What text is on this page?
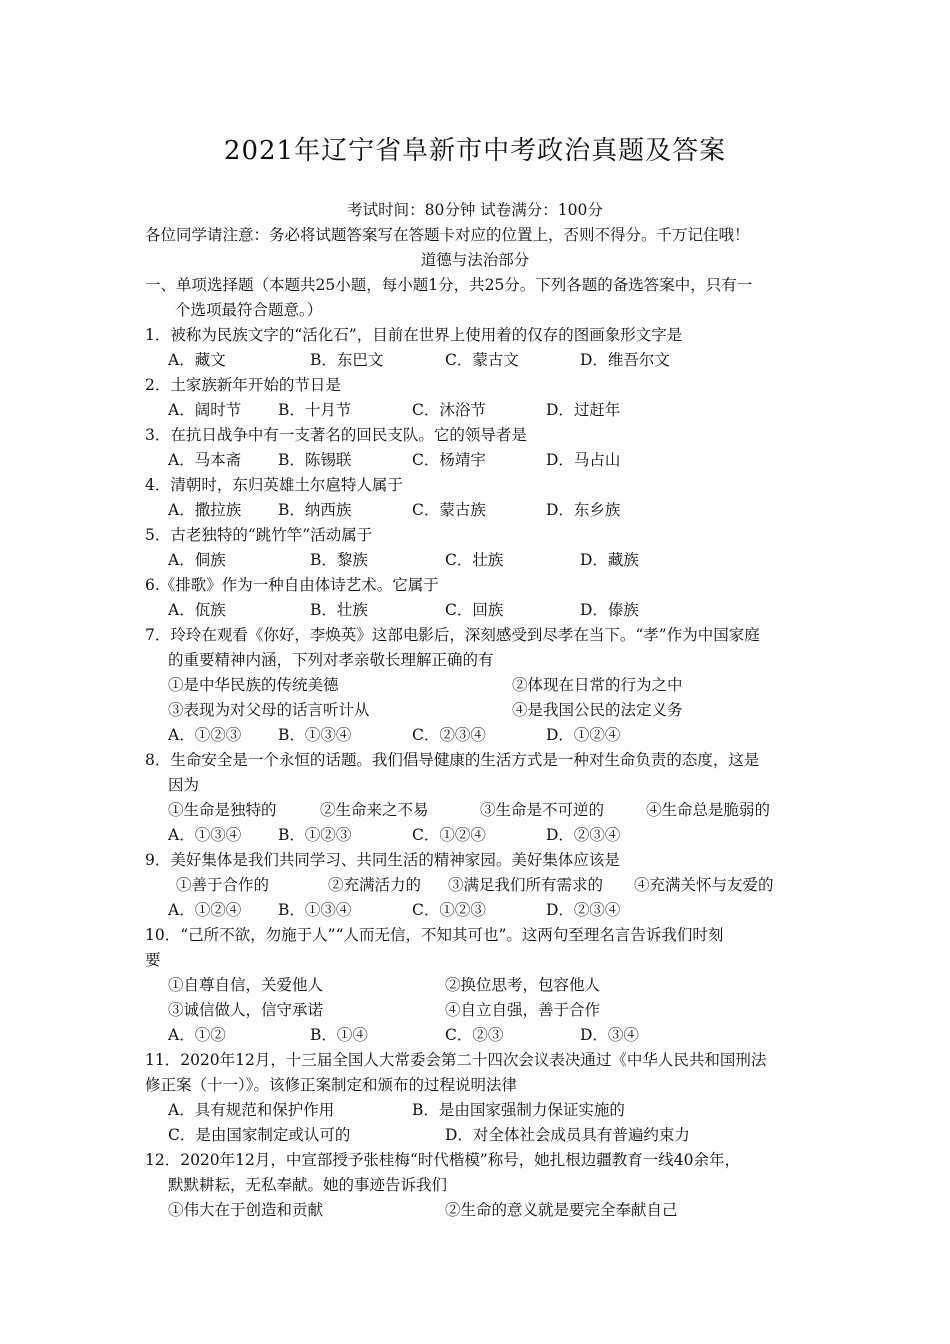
2021年辽宁省阜新市中考政治真题及答案
考试时间：80分钟 试卷满分：100分
各位同学请注意：务必将试题答案写在答题卡对应的位置上，否则不得分。千万记住哦！
道德与法治部分
一、单项选择题（本题共25小题，每小题1分，共25分。下列各题的备选答案中，只有一
个选项最符合题意。）
1．被称为民族文字的“活化石”，目前在世界上使用着的仅存的图画象形文字是
A．藏文	B．东巴文	C．蒙古文	D．维吾尔文
2．土家族新年开始的节日是
A．阔时节 B．十月节	C．沐浴节	D．过赶年
3．在抗日战争中有一支著名的回民支队。它的领导者是
A．马本斋 B．陈锡联	C．杨靖宇	D．马占山
4．清朝时，东归英雄土尔扈特人属于
A．撒拉族 B．纳西族	C．蒙古族	D．东乡族
5．古老独特的“跳竹竿”活动属于
A．侗族	B．黎族	C．壮族	D．藏族
6.《排歌》作为一种自由体诗艺术。它属于
A．佤族	B．壮族	C．回族	D．傣族
7．玲玲在观看《你好，李焕英》这部电影后，深刻感受到尽孝在当下。“孝”作为中国家庭
的重要精神内涵，下列对孝亲敬长理解正确的有
①是中华民族的传统美德	②体现在日常的行为之中
③表现为对父母的话言听计从	④是我国公民的法定义务
A．①②③ B．①③④	C．②③④	D．①②④
8．生命安全是一个永恒的话题。我们倡导健康的生活方式是一种对生命负责的态度，这是
因为
①生命是独特的	②生命来之不易	③生命是不可逆的	④生命总是脆弱的
A．①③④ B．①②③	C．①②④	D．②③④
9．美好集体是我们共同学习、共同生活的精神家园。美好集体应该是
①善于合作的	②充满活力的 ③满足我们所有需求的 ④充满关怀与友爱的
A．①②④ B．①③④	C．①②③	D．②③④
10．“己所不欲，勿施于人”“人而无信，不知其可也”。这两句至理名言告诉我们时刻
要
①自尊自信，关爱他人	②换位思考，包容他人
③诚信做人，信守承诺	④自立自强，善于合作
A．①②	B．①④	C．②③	D．③④
11．2020年12月，十三届全国人大常委会第二十四次会议表决通过《中华人民共和国刑法
修正案（十一）》。该修正案制定和颁布的过程说明法律
A．具有规范和保护作用	B．是由国家强制力保证实施的
C．是由国家制定或认可的	D．对全体社会成员具有普遍约束力
12．2020年12月，中宣部授予张桂梅“时代楷模”称号，她扎根边疆教育一线40余年，
默默耕耘，无私奉献。她的事迹告诉我们
①伟大在于创造和贡献	②生命的意义就是要完全奉献自己
